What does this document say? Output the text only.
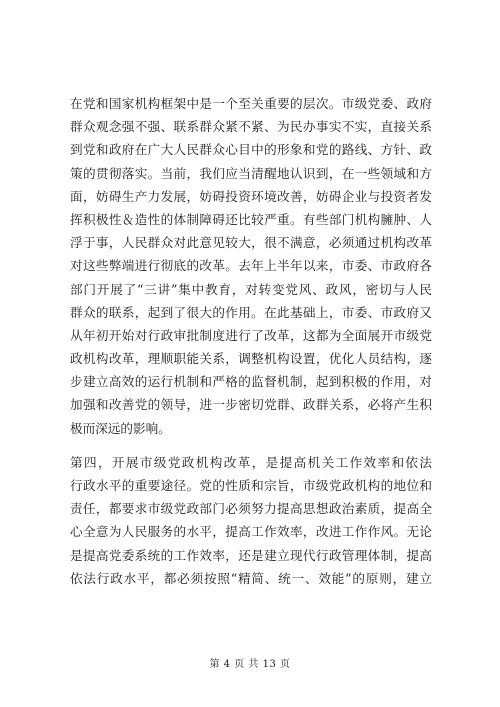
在党和国家机构框架中是一个至关重要的层次。市级党委、政府
群众观念强不强、联系群众紧不紧、为民办事实不实，直接关系
到党和政府在广大人民群众心目中的形象和党的路线、方针、政
策的贯彻落实。当前，我们应当清醒地认识到，在一些领域和方
面，妨碍生产力发展，妨碍投资环境改善，妨碍企业与投资者发
挥积极性＆造性的体制障碍还比较严重。有些部门机构臃肿、人
浮于事，人民群众对此意见较大，很不满意，必须通过机构改革
对这些弊端进行彻底的改革。去年上半年以来，市委、市政府各
部门开展了“三讲”集中教育，对转变党风、政风，密切与人民
群众的联系，起到了很大的作用。在此基础上，市委、市政府又
从年初开始对行政审批制度进行了改革，这都为全面展开市级党
政机构改革，理顺职能关系，调整机构设置，优化人员结构，逐
步建立高效的运行机制和严格的监督机制，起到积极的作用，对
加强和改善党的领导，进一步密切党群、政群关系，必将产生积
极而深远的影响。
第四，开展市级党政机构改革，是提高机关工作效率和依法
行政水平的重要途径。党的性质和宗旨，市级党政机构的地位和
责任，都要求市级党政部门必须努力提高思想政治素质，提高全
心全意为人民服务的水平，提高工作效率，改进工作作风。无论
是提高党委系统的工作效率，还是建立现代行政管理体制，提高
依法行政水平，都必须按照“精简、统一、效能”的原则，建立
第 4 页 共 13 页
